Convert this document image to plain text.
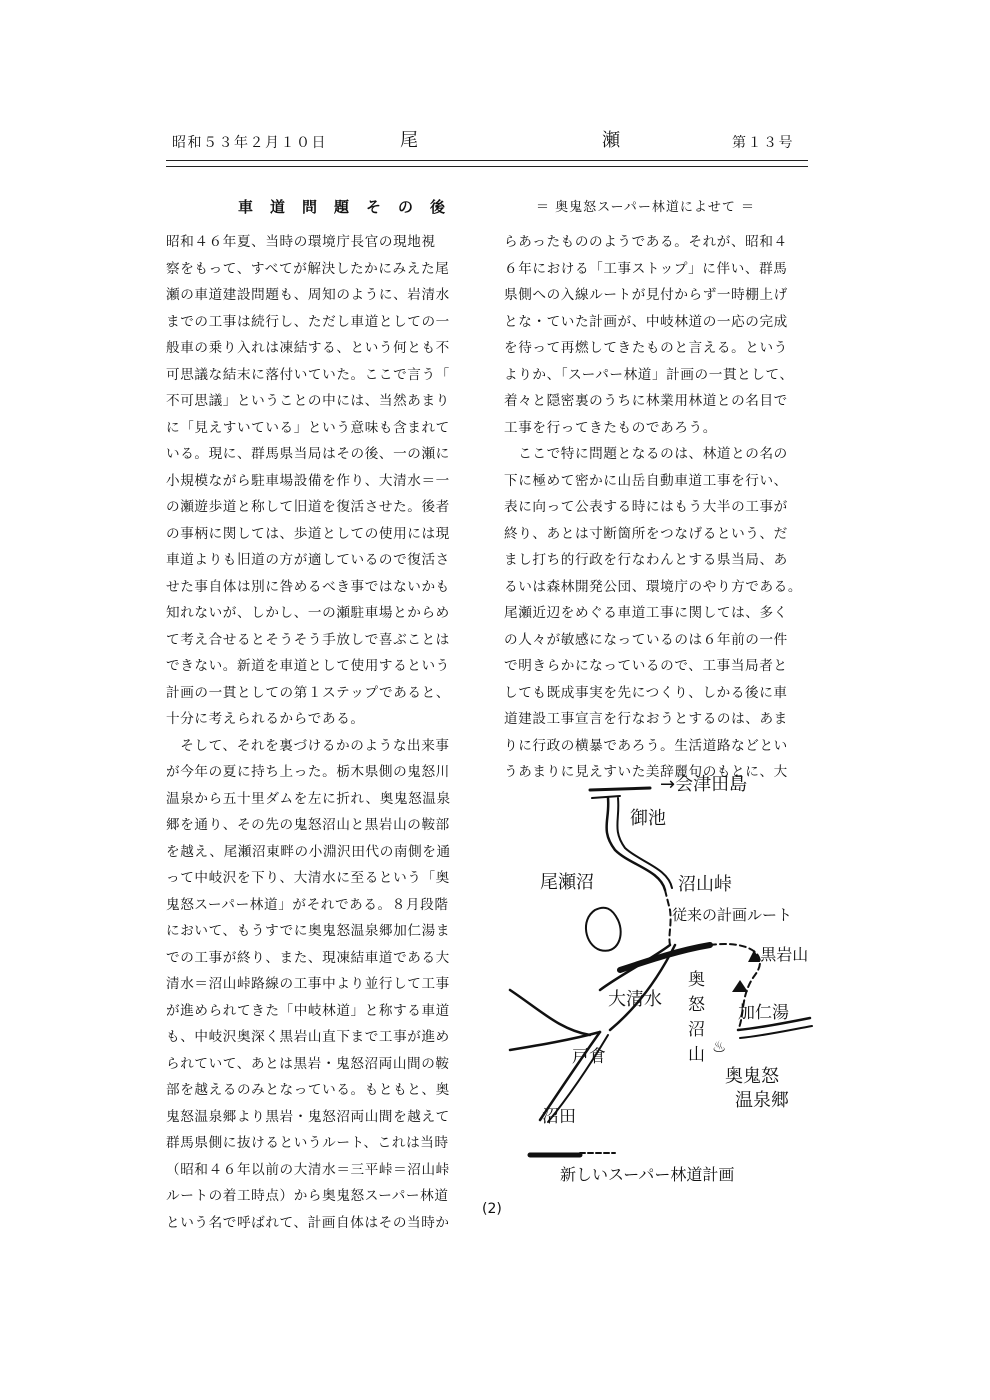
昭和５３年２月１０日	尾	瀬	第１３号
車道問題その後	＝ 奥鬼怒スーパー林道によせて ＝

昭和４６年夏、当時の環境庁長官の現地視

察をもって、すべてが解決したかにみえた尾

瀬の車道建設問題も、周知のように、岩清水

までの工事は続行し、ただし車道としての一

般車の乗り入れは凍結する、という何とも不

可思議な結末に落付いていた。ここで言う「

不可思議」ということの中には、当然あまり

に「見えすいている」という意味も含まれて

いる。現に、群馬県当局はその後、一の瀬に

小規模ながら駐車場設備を作り、大清水＝一

の瀬遊歩道と称して旧道を復活させた。後者

の事柄に関しては、歩道としての使用には現

車道よりも旧道の方が適しているので復活さ

せた事自体は別に咎めるべき事ではないかも

知れないが、しかし、一の瀬駐車場とからめ

て考え合せるとそうそう手放しで喜ぶことは

できない。新道を車道として使用するという

計画の一貫としての第１ステップであると、

十分に考えられるからである。

　そして、それを裏づけるかのような出来事

が今年の夏に持ち上った。栃木県側の鬼怒川

温泉から五十里ダムを左に折れ、奥鬼怒温泉

郷を通り、その先の鬼怒沼山と黒岩山の鞍部

を越え、尾瀬沼東畔の小淵沢田代の南側を通

って中岐沢を下り、大清水に至るという「奥

鬼怒スーパー林道」がそれである。８月段階

において、もうすでに奥鬼怒温泉郷加仁湯ま

での工事が終り、また、現凍結車道である大

清水＝沼山峠路線の工事中より並行して工事

が進められてきた「中岐林道」と称する車道

も、中岐沢奥深く黒岩山直下まで工事が進め

られていて、あとは黒岩・鬼怒沼両山間の鞍

部を越えるのみとなっている。もともと、奥

鬼怒温泉郷より黒岩・鬼怒沼両山間を越えて

群馬県側に抜けるというルート、これは当時

（昭和４６年以前の大清水＝三平峠＝沼山峠

ルートの着工時点）から奥鬼怒スーパー林道

という名で呼ばれて、計画自体はその当時か

らあったもののようである。それが、昭和４

６年における「工事ストップ」に伴い、群馬

県側への入線ルートが見付からず一時棚上げ

とな・ていた計画が、中岐林道の一応の完成

を待って再燃してきたものと言える。という

よりか、「スーパー林道」計画の一貫として、

着々と隠密裏のうちに林業用林道との名目で

工事を行ってきたものであろう。

　ここで特に問題となるのは、林道との名の

下に極めて密かに山岳自動車道工事を行い、

表に向って公表する時にはもう大半の工事が

終り、あとは寸断箇所をつなげるという、だ

まし打ち的行政を行なわんとする県当局、あ

るいは森林開発公団、環境庁のやり方である。

尾瀬近辺をめぐる車道工事に関しては、多く

の人々が敏感になっているのは６年前の一件

で明きらかになっているので、工事当局者と

しても既成事実を先につくり、しかる後に車

道建設工事宣言を行なおうとするのは、あま

りに行政の横暴であろう。生活道路などとい

うあまりに見えすいた美辞麗句のもとに、大

♨
→会津田島
御池
尾瀬沼	沼山峠
従来の計画ルート
▲黒岩山
奥
怒
沼
山
大清水
戸倉
加仁湯
奥鬼怒
温泉郷
沼田
新しいスーパー林道計画
(2)
